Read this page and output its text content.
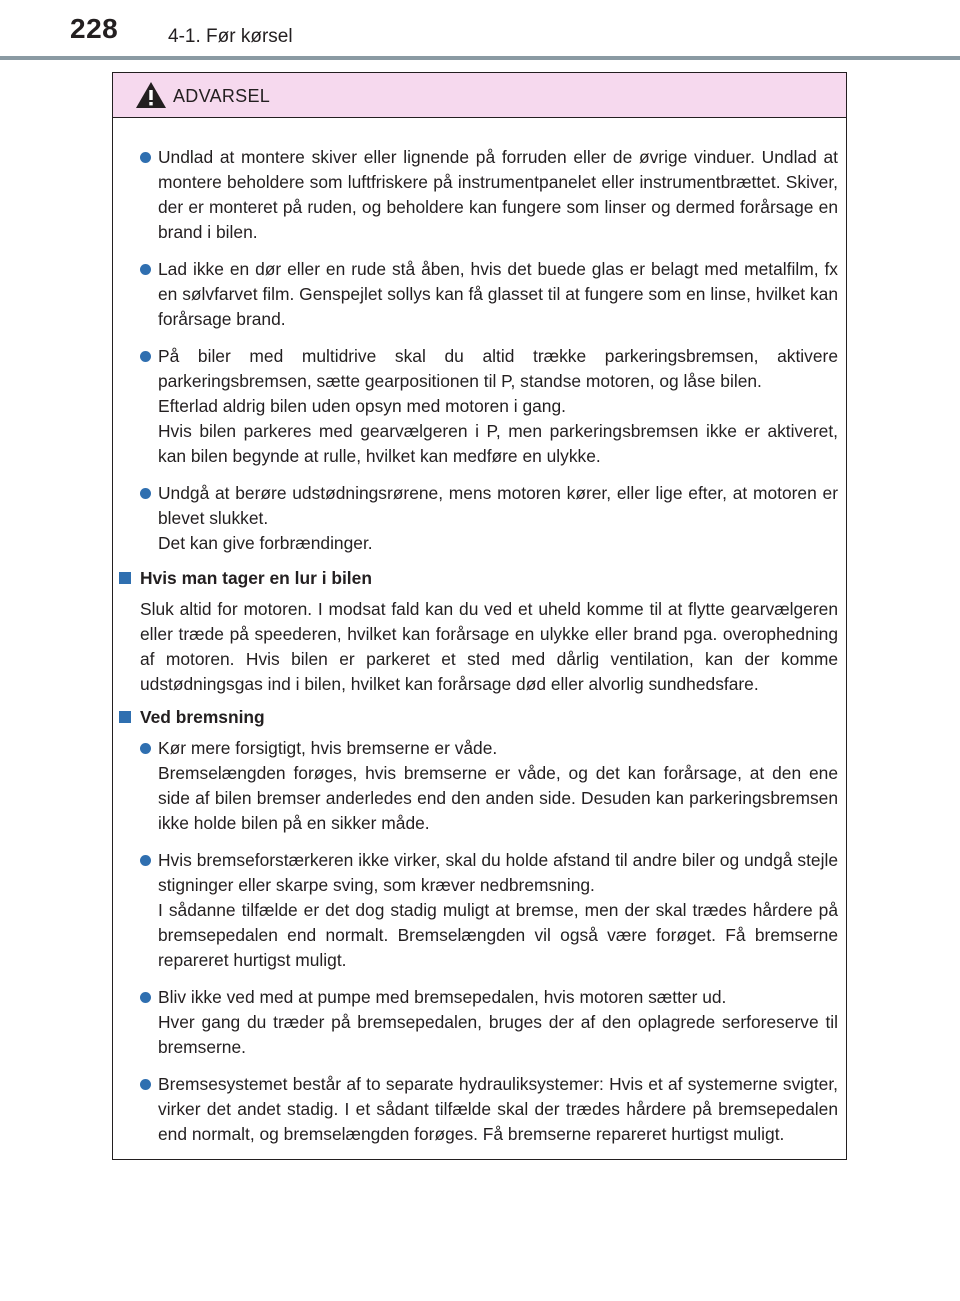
228	4-1. Før kørsel
ADVARSEL

Undlad at montere skiver eller lignende på forruden eller de øvrige vinduer. Undlad at montere beholdere som luftfriskere på instrumentpanelet eller instrumentbrættet. Skiver, der er monteret på ruden, og beholdere kan fungere som linser og dermed forårsage en brand i bilen.

Lad ikke en dør eller en rude stå åben, hvis det buede glas er belagt med metalfilm, fx en sølvfarvet film. Genspejlet sollys kan få glasset til at fungere som en linse, hvilket kan forårsage brand.

På biler med multidrive skal du altid trække parkeringsbremsen, aktivere parkeringsbremsen, sætte gearpositionen til P, standse motoren, og låse bilen.

Efterlad aldrig bilen uden opsyn med motoren i gang.

Hvis bilen parkeres med gearvælgeren i P, men parkeringsbremsen ikke er aktiveret, kan bilen begynde at rulle, hvilket kan medføre en ulykke.

Undgå at berøre udstødningsrørene, mens motoren kører, eller lige efter, at motoren er blevet slukket.

Det kan give forbrændinger.

Hvis man tager en lur i bilen

Sluk altid for motoren. I modsat fald kan du ved et uheld komme til at flytte gearvælgeren eller træde på speederen, hvilket kan forårsage en ulykke eller brand pga. overophedning af motoren. Hvis bilen er parkeret et sted med dårlig ventilation, kan der komme udstødningsgas ind i bilen, hvilket kan forårsage død eller alvorlig sundhedsfare.

Ved bremsning

Kør mere forsigtigt, hvis bremserne er våde.

Bremselængden forøges, hvis bremserne er våde, og det kan forårsage, at den ene side af bilen bremser anderledes end den anden side. Desuden kan parkeringsbremsen ikke holde bilen på en sikker måde.

Hvis bremseforstærkeren ikke virker, skal du holde afstand til andre biler og undgå stejle stigninger eller skarpe sving, som kræver nedbremsning.

I sådanne tilfælde er det dog stadig muligt at bremse, men der skal trædes hårdere på bremsepedalen end normalt. Bremselængden vil også være forøget. Få bremserne repareret hurtigst muligt.

Bliv ikke ved med at pumpe med bremsepedalen, hvis motoren sætter ud.

Hver gang du træder på bremsepedalen, bruges der af den oplagrede serforeserve til bremserne.

Bremsesystemet består af to separate hydrauliksystemer: Hvis et af systemerne svigter, virker det andet stadig. I et sådant tilfælde skal der trædes hårdere på bremsepedalen end normalt, og bremselængden forøges. Få bremserne repareret hurtigst muligt.
